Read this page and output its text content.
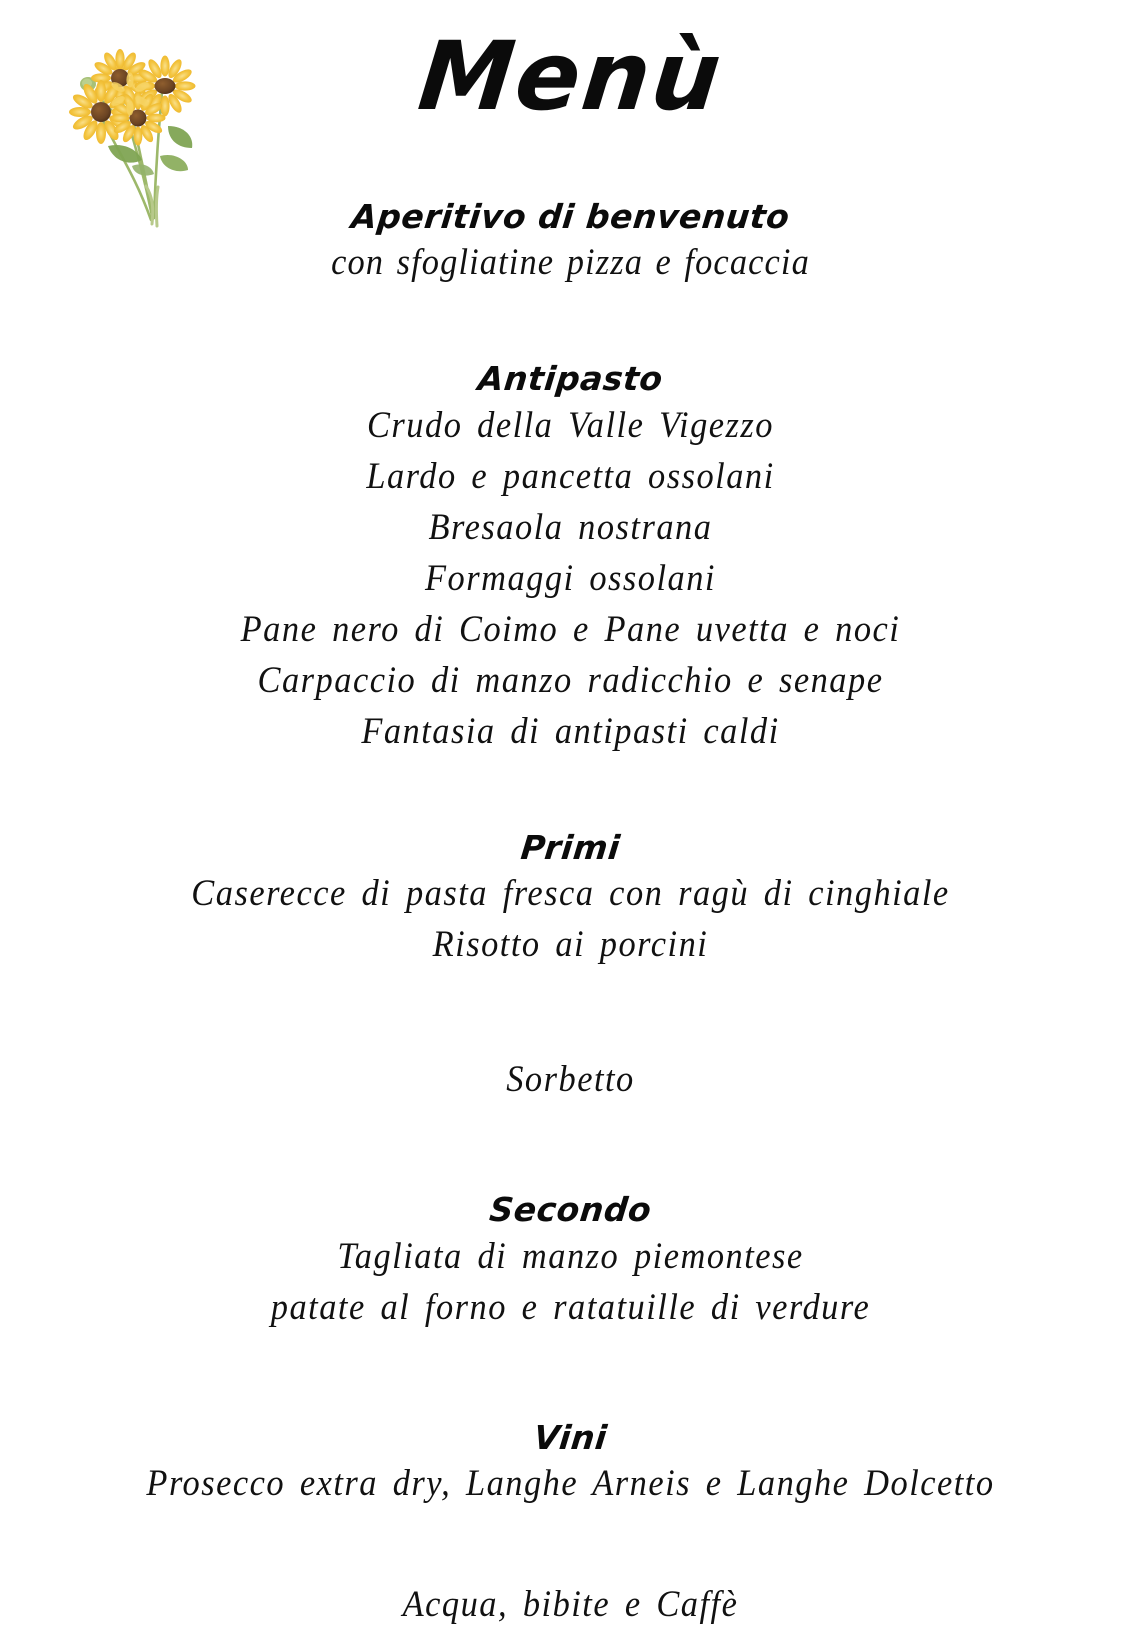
Menù
Aperitivo di benvenuto
con sfogliatine pizza e focaccia
Antipasto
Crudo della Valle Vigezzo
Lardo e pancetta ossolani
Bresaola nostrana
Formaggi ossolani
Pane nero di Coimo e Pane uvetta e noci
Carpaccio di manzo radicchio e senape
Fantasia di antipasti caldi
Primi
Caserecce di pasta fresca con ragù di cinghiale
Risotto ai porcini
Sorbetto
Secondo
Tagliata di manzo piemontese
patate al forno e ratatuille di verdure
Vini
Prosecco extra dry, Langhe Arneis e Langhe Dolcetto
Acqua, bibite e Caffè
